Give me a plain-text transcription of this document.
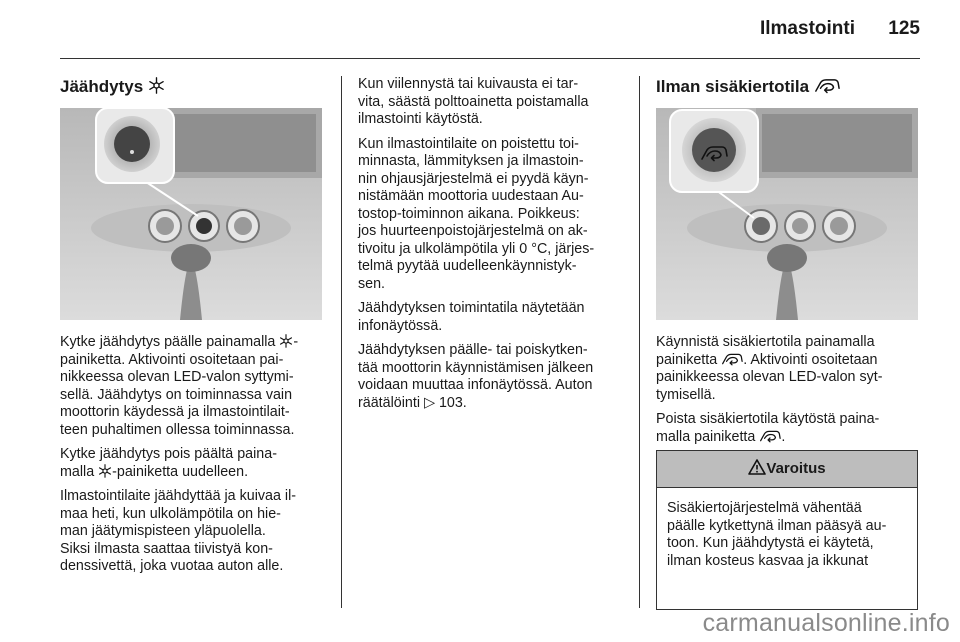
Ilmastointi 125
Jäähdytys

Kytke jäähdytys päälle painamalla -
painiketta. Aktivointi osoitetaan pai-
nikkeessa olevan LED-valon syttymi-
sellä. Jäähdytys on toiminnassa vain
moottorin käydessä ja ilmastointilait-
teen puhaltimen ollessa toiminnassa.

Kytke jäähdytys pois päältä paina-
malla -painiketta uudelleen.

Ilmastointilaite jäähdyttää ja kuivaa il-
maa heti, kun ulkolämpötila on hie-
man jäätymispisteen yläpuolella.
Siksi ilmasta saattaa tiivistyä kon-
denssivettä, joka vuotaa auton alle.

Kun viilennystä tai kuivausta ei tar-
vita, säästä polttoainetta poistamalla
ilmastointi käytöstä.

Kun ilmastointilaite on poistettu toi-
minnasta, lämmityksen ja ilmastoin-
nin ohjausjärjestelmä ei pyydä käyn-
nistämään moottoria uudestaan Au-
tostop-toiminnon aikana. Poikkeus:
jos huurteenpoistojärjestelmä on ak-
tivoitu ja ulkolämpötila yli 0 °C, järjes-
telmä pyytää uudelleenkäynnistyk-
sen.

Jäähdytyksen toimintatila näytetään
infonäytössä.

Jäähdytyksen päälle- tai poiskytken-
tää moottorin käynnistämisen jälkeen
voidaan muuttaa infonäytössä. Auton
räätälöinti ▷ 103.

Ilman sisäkiertotila

Käynnistä sisäkiertotila painamalla
painiketta . Aktivointi osoitetaan
painikkeessa olevan LED-valon syt-
tymisellä.

Poista sisäkiertotila käytöstä paina-
malla painiketta .

Varoitus
Sisäkiertojärjestelmä vähentää
päälle kytkettynä ilman pääsyä au-
toon. Kun jäähdytystä ei käytetä,
ilman kosteus kasvaa ja ikkunat
carmanualsonline.info
